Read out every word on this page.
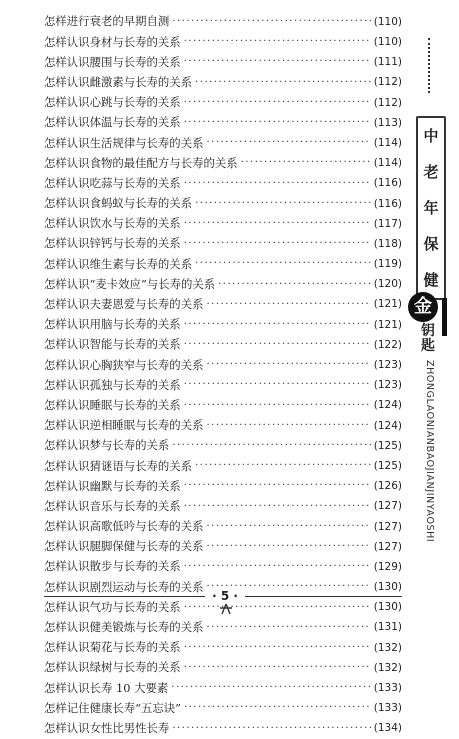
怎样进行衰老的早期自测 ·····	(110)
怎样认识身材与长寿的关系 ·····	(110)
怎样认识腰围与长寿的关系 ·····	(111)
怎样认识雌激素与长寿的关系 ·····	(112)
怎样认识心跳与长寿的关系 ·····	(112)
怎样认识体温与长寿的关系 ·····	(113)
怎样认识生活规律与长寿的关系 ·····	(114)
怎样认识食物的最佳配方与长寿的关系 ·····	(114)
怎样认识吃蒜与长寿的关系 ·····	(116)
怎样认识食蚂蚁与长寿的关系 ·····	(116)
怎样认识饮水与长寿的关系 ·····	(117)
怎样认识锌钙与长寿的关系 ·····	(118)
怎样认识维生素与长寿的关系 ·····	(119)
怎样认识“麦卡效应”与长寿的关系 ·····	(120)
怎样认识夫妻恩爱与长寿的关系 ·····	(121)
怎样认识用脑与长寿的关系 ·····	(121)
怎样认识智能与长寿的关系 ·····	(122)
怎样认识心胸狭窄与长寿的关系 ·····	(123)
怎样认识孤独与长寿的关系 ·····	(123)
怎样认识睡眠与长寿的关系 ·····	(124)
怎样认识逆相睡眠与长寿的关系 ·····	(124)
怎样认识梦与长寿的关系 ·····	(125)
怎样认识猜谜语与长寿的关系 ·····	(125)
怎样认识幽默与长寿的关系 ·····	(126)
怎样认识音乐与长寿的关系 ·····	(127)
怎样认识高歌低吟与长寿的关系 ·····	(127)
怎样认识腿脚保健与长寿的关系 ·····	(127)
怎样认识散步与长寿的关系 ·····	(129)
怎样认识剧烈运动与长寿的关系 ·····	(130)
怎样认识气功与长寿的关系 ·····	(130)
怎样认识健美锻炼与长寿的关系 ·····	(131)
怎样认识菊花与长寿的关系 ·····	(132)
怎样认识绿树与长寿的关系 ·····	(132)
怎样认识长寿 10 大要素 ·····	(133)
怎样记住健康长寿“五忘诀” ·····	(133)
怎样认识女性比男性长寿 ·····	(134)
中
老
年
保
健
金
钥匙
ZHONGLAONIANBAOJIANJINYAOSHI
· 5 ·
